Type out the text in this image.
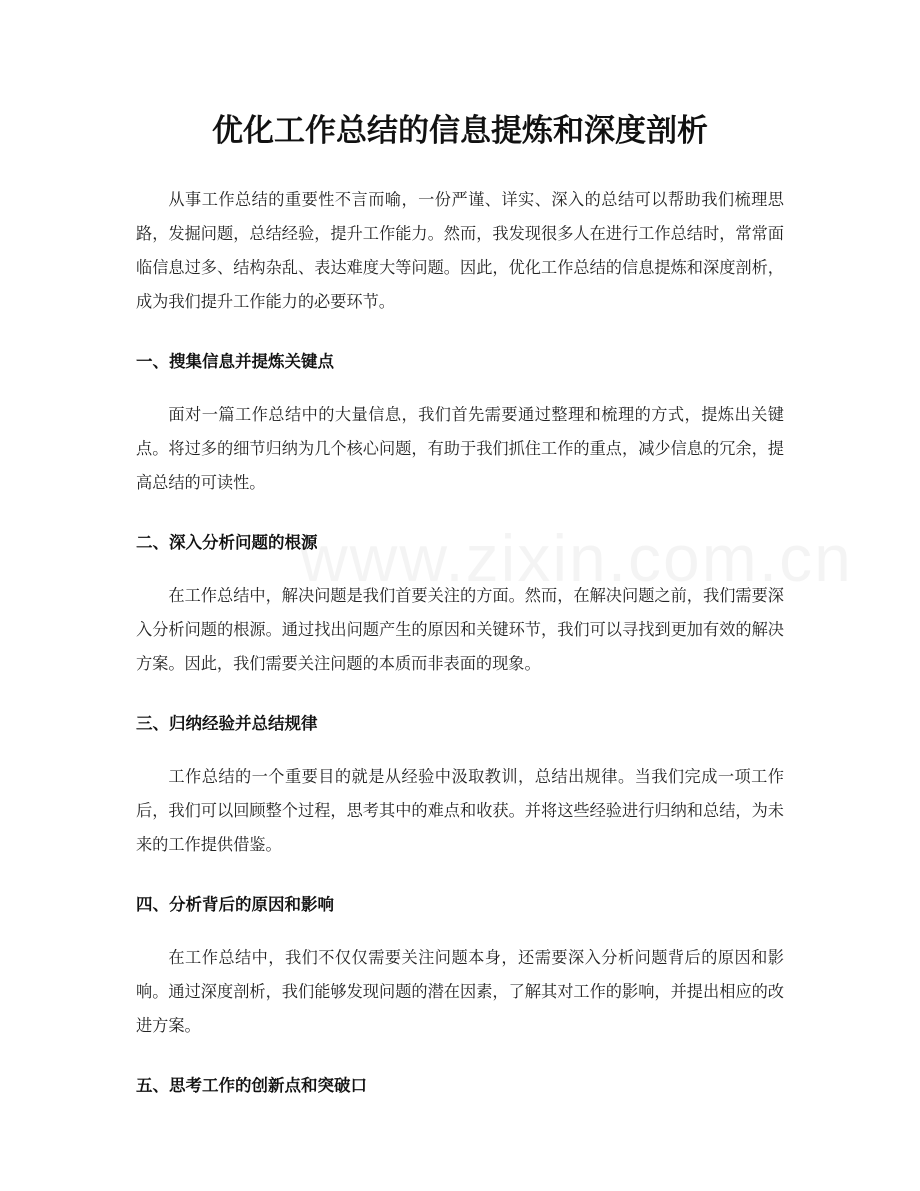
优化工作总结的信息提炼和深度剖析

从事工作总结的重要性不言而喻，一份严谨、详实、深入的总结可以帮助我们梳理思路，发掘问题，总结经验，提升工作能力。然而，我发现很多人在进行工作总结时，常常面临信息过多、结构杂乱、表达难度大等问题。因此，优化工作总结的信息提炼和深度剖析，成为我们提升工作能力的必要环节。

一、搜集信息并提炼关键点

面对一篇工作总结中的大量信息，我们首先需要通过整理和梳理的方式，提炼出关键点。将过多的细节归纳为几个核心问题，有助于我们抓住工作的重点，减少信息的冗余，提高总结的可读性。

二、深入分析问题的根源

在工作总结中，解决问题是我们首要关注的方面。然而，在解决问题之前，我们需要深入分析问题的根源。通过找出问题产生的原因和关键环节，我们可以寻找到更加有效的解决方案。因此，我们需要关注问题的本质而非表面的现象。

三、归纳经验并总结规律

工作总结的一个重要目的就是从经验中汲取教训，总结出规律。当我们完成一项工作后，我们可以回顾整个过程，思考其中的难点和收获。并将这些经验进行归纳和总结，为未来的工作提供借鉴。

四、分析背后的原因和影响

在工作总结中，我们不仅仅需要关注问题本身，还需要深入分析问题背后的原因和影响。通过深度剖析，我们能够发现问题的潜在因素，了解其对工作的影响，并提出相应的改进方案。

五、思考工作的创新点和突破口
